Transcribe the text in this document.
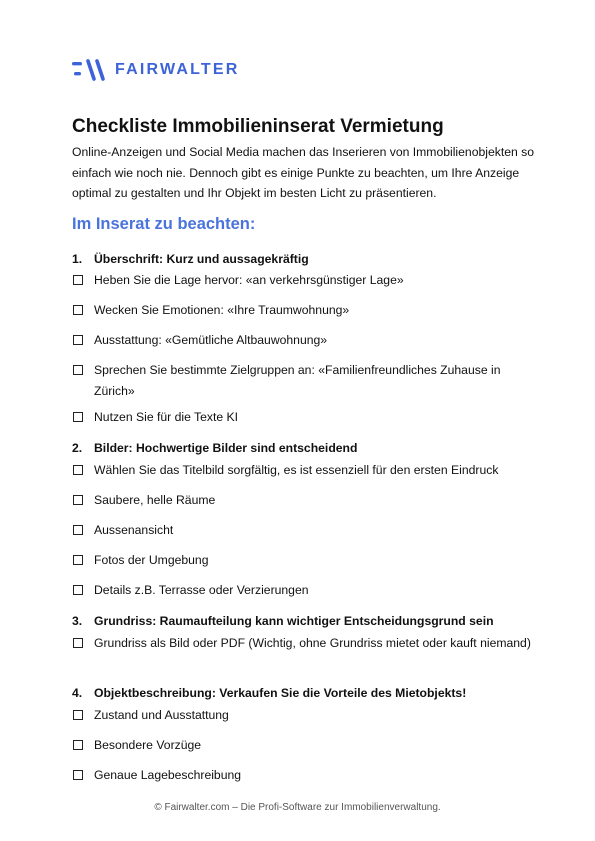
FAIRWALTER
Checkliste Immobilieninserat Vermietung

Online-Anzeigen und Social Media machen das Inserieren von Immobilienobjekten so einfach wie noch nie. Dennoch gibt es einige Punkte zu beachten, um Ihre Anzeige optimal zu gestalten und Ihr Objekt im besten Licht zu präsentieren.

Im Inserat zu beachten:
1. Überschrift: Kurz und aussagekräftig
Heben Sie die Lage hervor: «an verkehrsgünstiger Lage»
Wecken Sie Emotionen: «Ihre Traumwohnung»
Ausstattung: «Gemütliche Altbauwohnung»
Sprechen Sie bestimmte Zielgruppen an: «Familienfreundliches Zuhause in Zürich»
Nutzen Sie für die Texte KI
2. Bilder: Hochwertige Bilder sind entscheidend
Wählen Sie das Titelbild sorgfältig, es ist essenziell für den ersten Eindruck
Saubere, helle Räume
Aussenansicht
Fotos der Umgebung
Details z.B. Terrasse oder Verzierungen
3. Grundriss: Raumaufteilung kann wichtiger Entscheidungsgrund sein
Grundriss als Bild oder PDF (Wichtig, ohne Grundriss mietet oder kauft niemand)
4. Objektbeschreibung: Verkaufen Sie die Vorteile des Mietobjekts!
Zustand und Ausstattung
Besondere Vorzüge
Genaue Lagebeschreibung
© Fairwalter.com – Die Profi-Software zur Immobilienverwaltung.
